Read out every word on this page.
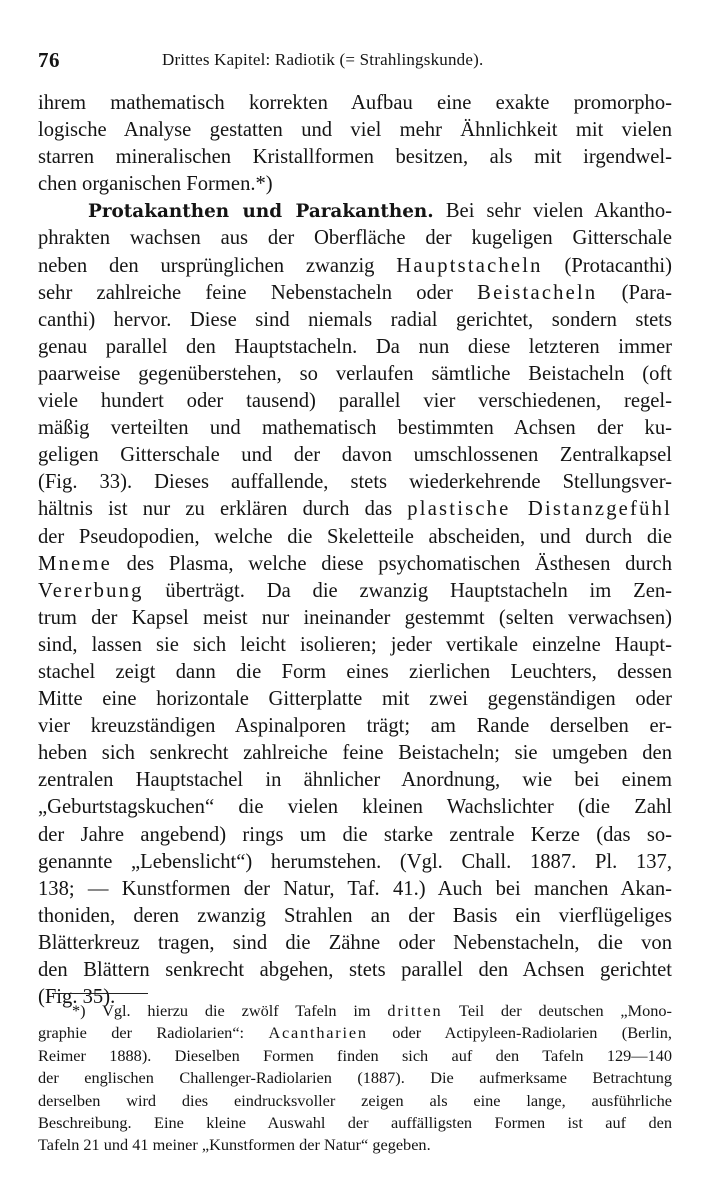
76	Drittes Kapitel: Radiotik (= Strahlingskunde).
ihrem mathematisch korrekten Aufbau eine exakte promorpho-
logische Analyse gestatten und viel mehr Ähnlichkeit mit vielen
starren mineralischen Kristallformen besitzen, als mit irgendwel-
chen organischen Formen.*)
Protakanthen und Parakanthen. Bei sehr vielen Akantho-
phrakten wachsen aus der Oberfläche der kugeligen Gitterschale
neben den ursprünglichen zwanzig Hauptstacheln (Protacanthi)
sehr zahlreiche feine Nebenstacheln oder Beistacheln (Para-
canthi) hervor. Diese sind niemals radial gerichtet, sondern stets
genau parallel den Hauptstacheln. Da nun diese letzteren immer
paarweise gegenüberstehen, so verlaufen sämtliche Beistacheln (oft
viele hundert oder tausend) parallel vier verschiedenen, regel-
mäßig verteilten und mathematisch bestimmten Achsen der ku-
geligen Gitterschale und der davon umschlossenen Zentralkapsel
(Fig. 33). Dieses auffallende, stets wiederkehrende Stellungsver-
hältnis ist nur zu erklären durch das plastische Distanzgefühl
der Pseudopodien, welche die Skeletteile abscheiden, und durch die
Mneme des Plasma, welche diese psychomatischen Ästhesen durch
Vererbung überträgt. Da die zwanzig Hauptstacheln im Zen-
trum der Kapsel meist nur ineinander gestemmt (selten verwachsen)
sind, lassen sie sich leicht isolieren; jeder vertikale einzelne Haupt-
stachel zeigt dann die Form eines zierlichen Leuchters, dessen
Mitte eine horizontale Gitterplatte mit zwei gegenständigen oder
vier kreuzständigen Aspinalporen trägt; am Rande derselben er-
heben sich senkrecht zahlreiche feine Beistacheln; sie umgeben den
zentralen Hauptstachel in ähnlicher Anordnung, wie bei einem
„Geburtstagskuchen“ die vielen kleinen Wachslichter (die Zahl
der Jahre angebend) rings um die starke zentrale Kerze (das so-
genannte „Lebenslicht“) herumstehen. (Vgl. Chall. 1887. Pl. 137,
138; — Kunstformen der Natur, Taf. 41.) Auch bei manchen Akan-
thoniden, deren zwanzig Strahlen an der Basis ein vierflügeliges
Blätterkreuz tragen, sind die Zähne oder Nebenstacheln, die von
den Blättern senkrecht abgehen, stets parallel den Achsen gerichtet
(Fig. 35).
*) Vgl. hierzu die zwölf Tafeln im dritten Teil der deutschen „Mono-
graphie der Radiolarien“: Acantharien oder Actipyleen-Radiolarien (Berlin,
Reimer 1888). Dieselben Formen finden sich auf den Tafeln 129—140
der englischen Challenger-Radiolarien (1887). Die aufmerksame Betrachtung
derselben wird dies eindrucksvoller zeigen als eine lange, ausführliche
Beschreibung. Eine kleine Auswahl der auffälligsten Formen ist auf den
Tafeln 21 und 41 meiner „Kunstformen der Natur“ gegeben.
